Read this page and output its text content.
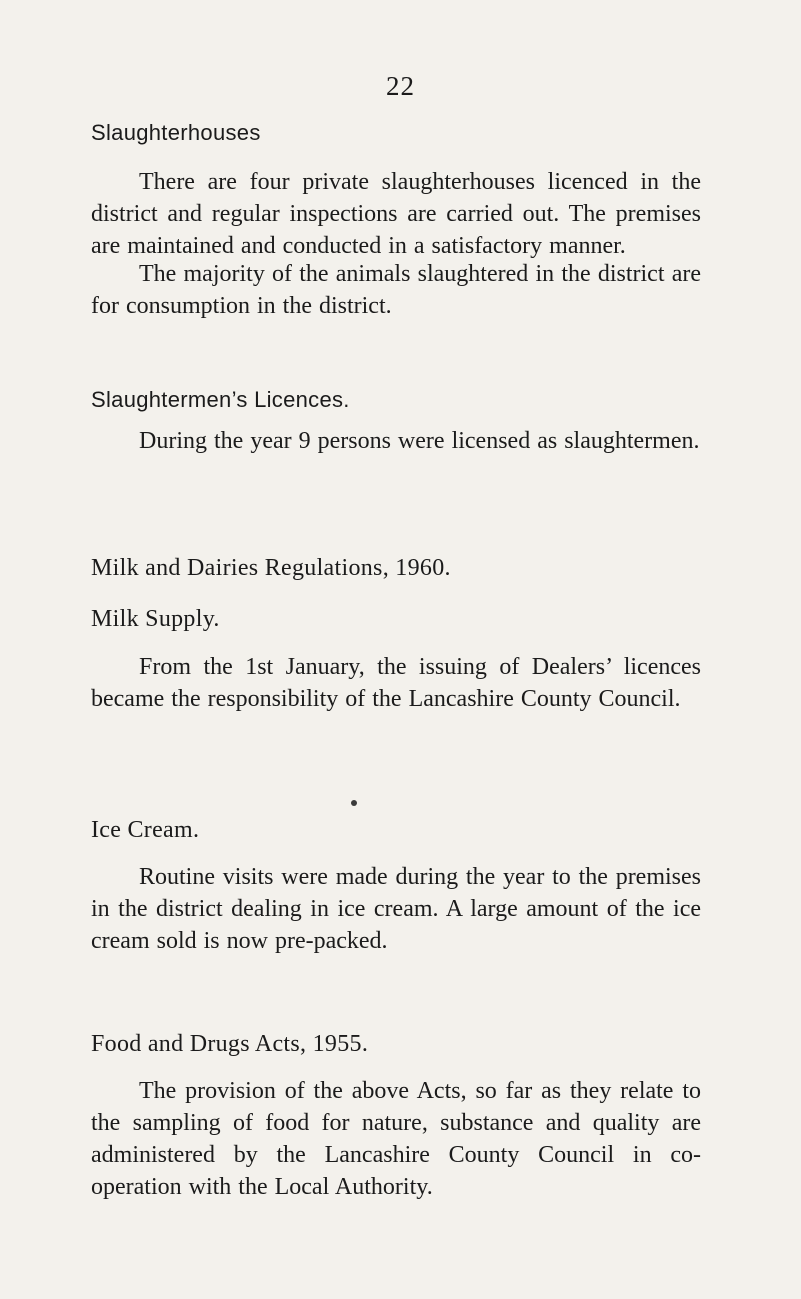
22
Slaughterhouses

There are four private slaughterhouses licenced in the district and regular inspections are carried out. The premises are maintained and conducted in a satisfactory manner.

The majority of the animals slaughtered in the district are for consumption in the district.

Slaughtermen’s Licences.

During the year 9 persons were licensed as slaughtermen.

Milk and Dairies Regulations, 1960.
Milk Supply.

From the 1st January, the issuing of Dealers’ licences became the responsibility of the Lancashire County Council.

Ice Cream.

Routine visits were made during the year to the premises in the district dealing in ice cream. A large amount of the ice cream sold is now pre-packed.

Food and Drugs Acts, 1955.

The provision of the above Acts, so far as they relate to the sampling of food for nature, substance and quality are administered by the Lancashire County Council in co-operation with the Local Authority.
